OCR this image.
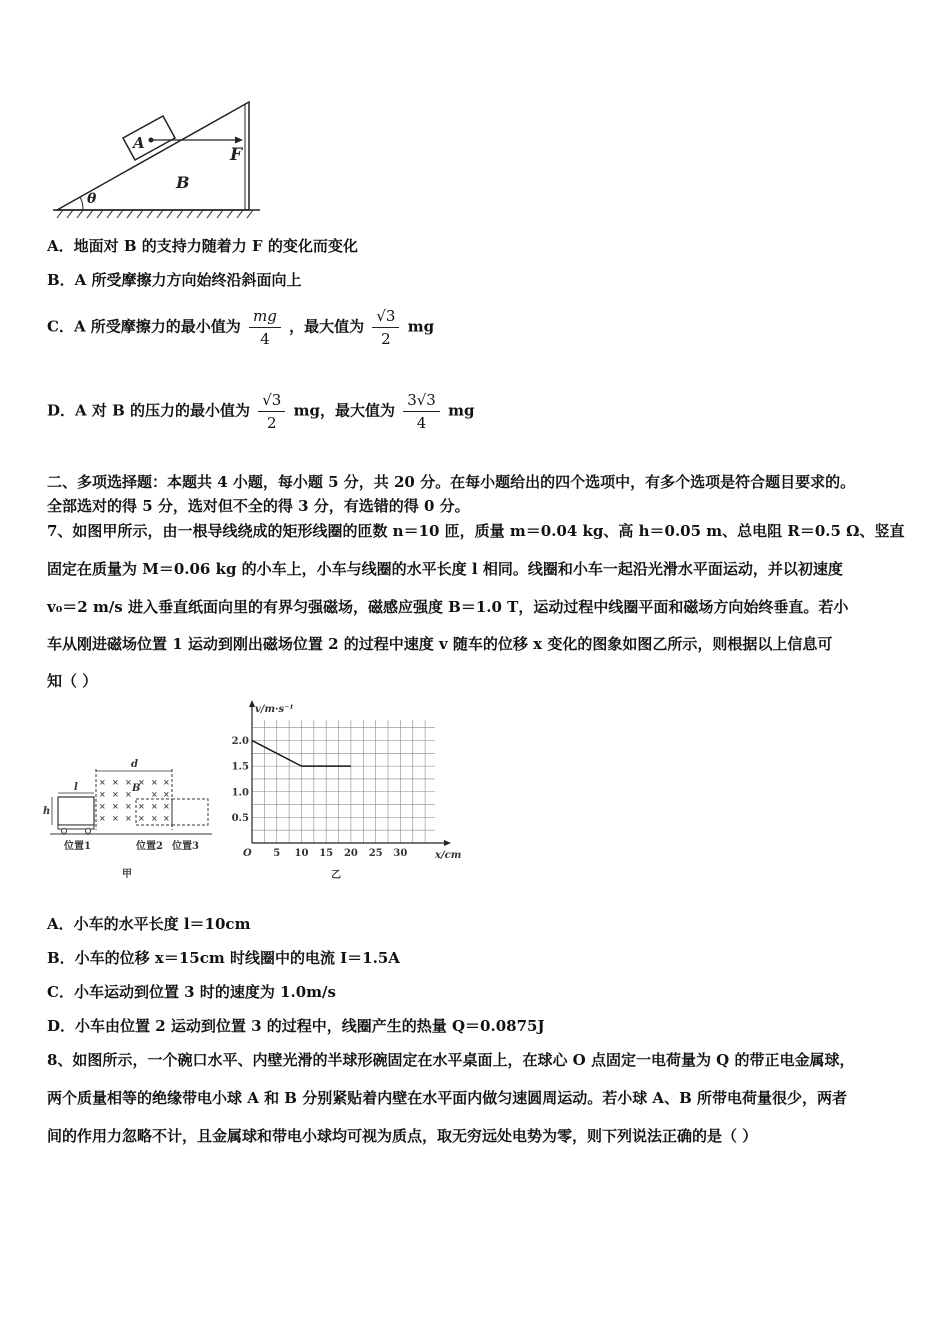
A
F
B
θ
A．地面对 B 的支持力随着力 F 的变化而变化
B．A 所受摩擦力方向始终沿斜面向上
C．A 所受摩擦力的最小值为 $\frac{mg}{4}$ ，最大值为 $\frac{√3}{2}$ mg
D．A 对 B 的压力的最小值为 $\frac{√3}{2}$ mg，最大值为 $\frac{3√3}{4}$ mg
二、多项选择题：本题共 4 小题，每小题 5 分，共 20 分。在每小题给出的四个选项中，有多个选项是符合题目要求的。
全部选对的得 5 分，选对但不全的得 3 分，有选错的得 0 分。
7、如图甲所示，由一根导线绕成的矩形线圈的匝数 n＝10 匝，质量 m＝0.04 kg、高 h＝0.05 m、总电阻 R＝0.5 Ω、竖直
固定在质量为 M＝0.06 kg 的小车上，小车与线圈的水平长度 l 相同。线圈和小车一起沿光滑水平面运动，并以初速度
v₀＝2 m/s 进入垂直纸面向里的有界匀强磁场，磁感应强度 B＝1.0 T，运动过程中线圈平面和磁场方向始终垂直。若小
车从刚进磁场位置 1 运动到刚出磁场位置 2 的过程中速度 v 随车的位移 x 变化的图象如图乙所示，则根据以上信息可
知（ ）
d
× × × × × ×
× × × × ×
× × × × × ×
× × × × × ×
B
l
h
位置1	位置2 位置3
甲
5 10 15 20 25 30
0.5
1.0
1.5
2.0
v/m·s⁻¹
x/cm
O
乙
A．小车的水平长度 l＝10cm
B．小车的位移 x＝15cm 时线圈中的电流 I＝1.5A
C．小车运动到位置 3 时的速度为 1.0m/s
D．小车由位置 2 运动到位置 3 的过程中，线圈产生的热量 Q＝0.0875J
8、如图所示，一个碗口水平、内壁光滑的半球形碗固定在水平桌面上，在球心 O 点固定一电荷量为 Q 的带正电金属球，
两个质量相等的绝缘带电小球 A 和 B 分别紧贴着内壁在水平面内做匀速圆周运动。若小球 A、B 所带电荷量很少，两者
间的作用力忽略不计，且金属球和带电小球均可视为质点，取无穷远处电势为零，则下列说法正确的是（ ）
